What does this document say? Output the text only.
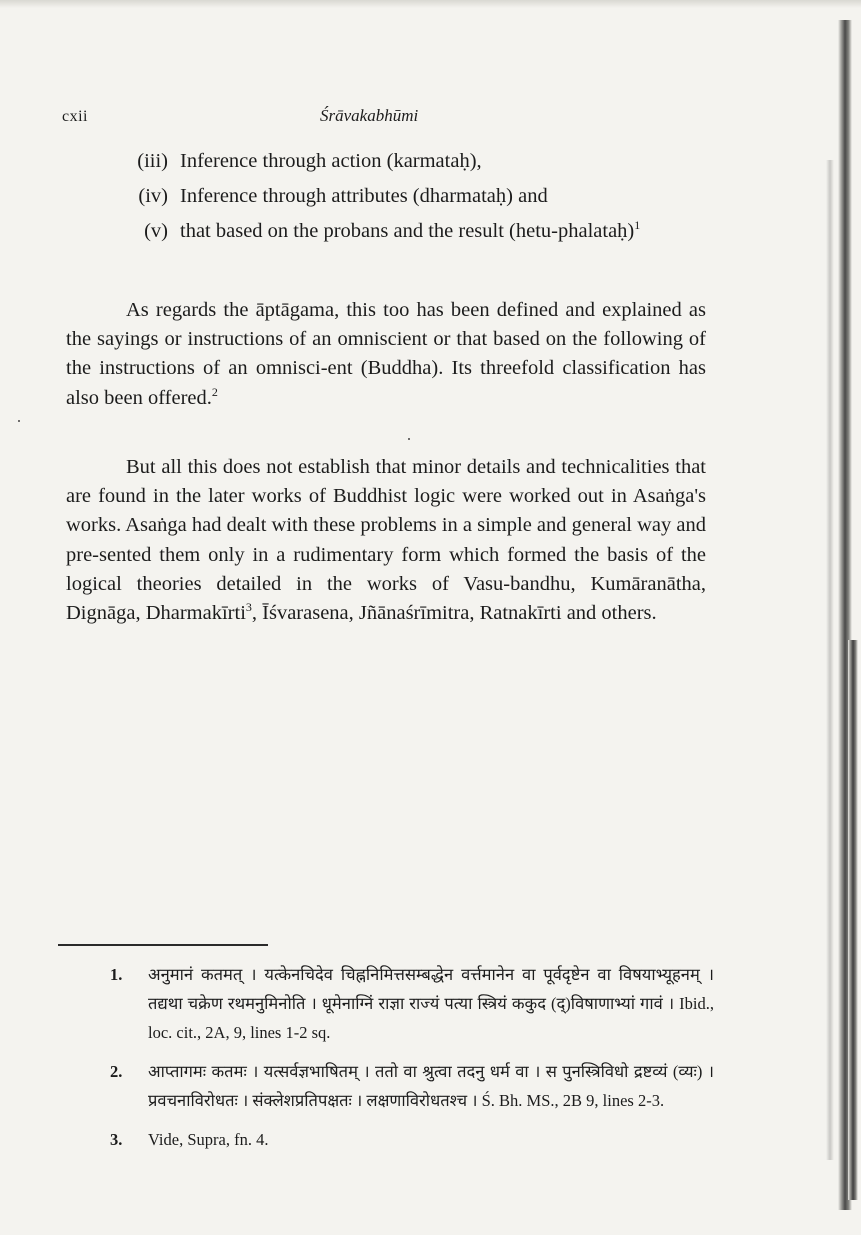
cxii	Śrāvakabhūmi
(iii) Inference through action (karmataḥ),
(iv) Inference through attributes (dharmataḥ) and
(v) that based on the probans and the result (hetu-phalataḥ)$^1$
As regards the āptāgama, this too has been defined and explained as the sayings or instructions of an omniscient or that based on the following of the instructions of an omnisci-ent (Buddha). Its threefold classification has also been offered.$^2$
But all this does not establish that minor details and technicalities that are found in the later works of Buddhist logic were worked out in Asaṅga's works. Asaṅga had dealt with these problems in a simple and general way and pre-sented them only in a rudimentary form which formed the basis of the logical theories detailed in the works of Vasu-bandhu, Kumāranātha, Dignāga, Dharmakīrti$^3$, Īśvarasena, Jñānaśrīmitra, Ratnakīrti and others.
1.	अनुमानं कतमत् । यत्केनचिदेव चिह्ननिमित्तसम्बद्धेन वर्त्तमानेन वा पूर्वदृष्टेन वा विषयाभ्यूहनम् । तद्यथा चक्रेण रथमनुमिनोति । धूमेनाग्निं राज्ञा राज्यं पत्या स्त्रियं ककुद (द्)विषाणाभ्यां गावं । Ibid., loc. cit., 2A, 9, lines 1-2 sq.
2.	आप्तागमः कतमः । यत्सर्वज्ञभाषितम् । ततो वा श्रुत्वा तदनु धर्म वा । स पुनस्त्रिविधो द्रष्टव्यं (व्यः) । प्रवचनाविरोधतः । संक्लेशप्रतिपक्षतः । लक्षणाविरोधतश्च । Ś. Bh. MS., 2B 9, lines 2-3.
3.	Vide, Supra, fn. 4.
